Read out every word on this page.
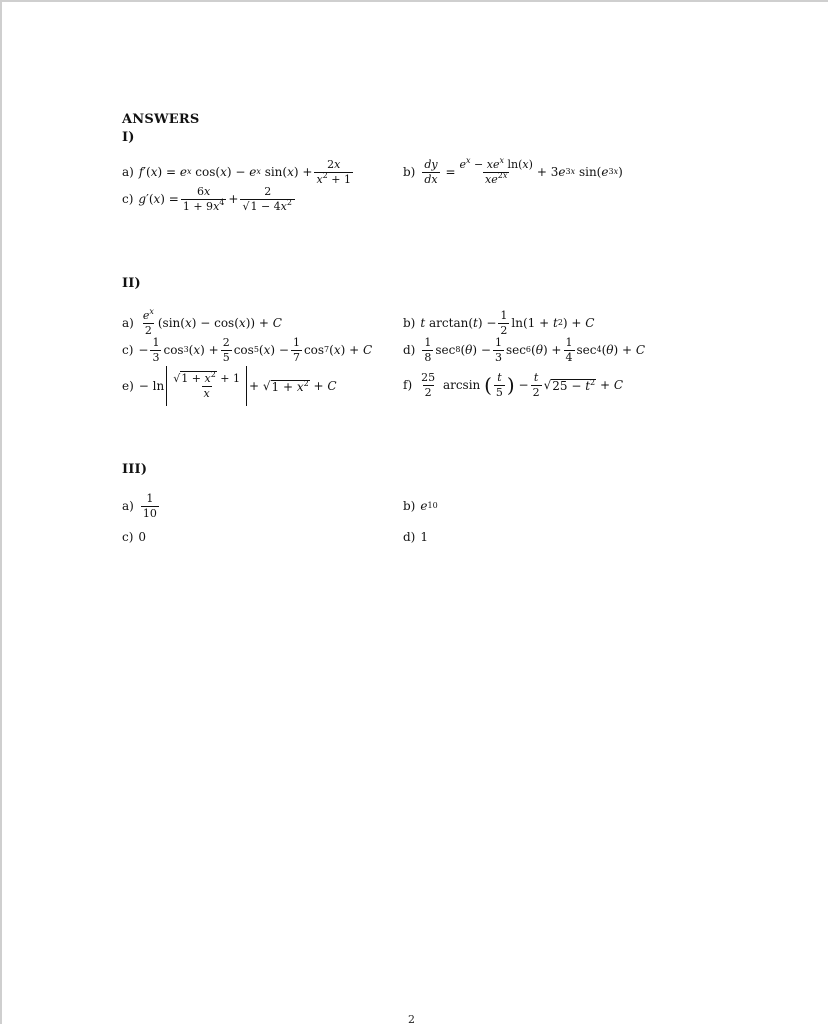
ANSWERS
I)
a) f ′( x ) = e x cos( x ) − e x sin( x ) + $\frac{2x}{x^2 + 1}$	$b) \frac{dy}{dx} = \frac{e^x - xe^x \ln(x)}{xe^{2x}} + 3$ e 3x sin( e 3x )
c) g ′( x ) = $\frac{6x}{1 + 9x^4} + \frac{2}{√1 - 4x^2}$
II)
$a) \frac{e^x}{2} (\sin$( x ) − cos( x )) + C	b) t arctan( t ) − $\frac{1}{2} \ln(1 + t$ 2 ) + C
$c) - \frac{1}{3}$ cos 3 ( x ) + $\frac{2}{5}$ cos 5 ( x ) − $\frac{1}{7}$ cos 7 ( x ) + C	$d) \frac{1}{8}$ sec 8 ( θ ) − $\frac{1}{3}$ sec 6 ( θ ) + $\frac{1}{4}$ sec 4 ( θ ) + C
$e) - \ln \frac{√1 + x^2 + 1}{x}$ + √ $1 + x^2 + C$	$f) \frac{25}{2}$ arcsin ( $\frac{t}{5}$ ) − $\frac{t}{2}$ √ $25 - t^2 + C$
III)
$a) \frac{1}{10}$	b) e 10
c) 0	d) 1
2
